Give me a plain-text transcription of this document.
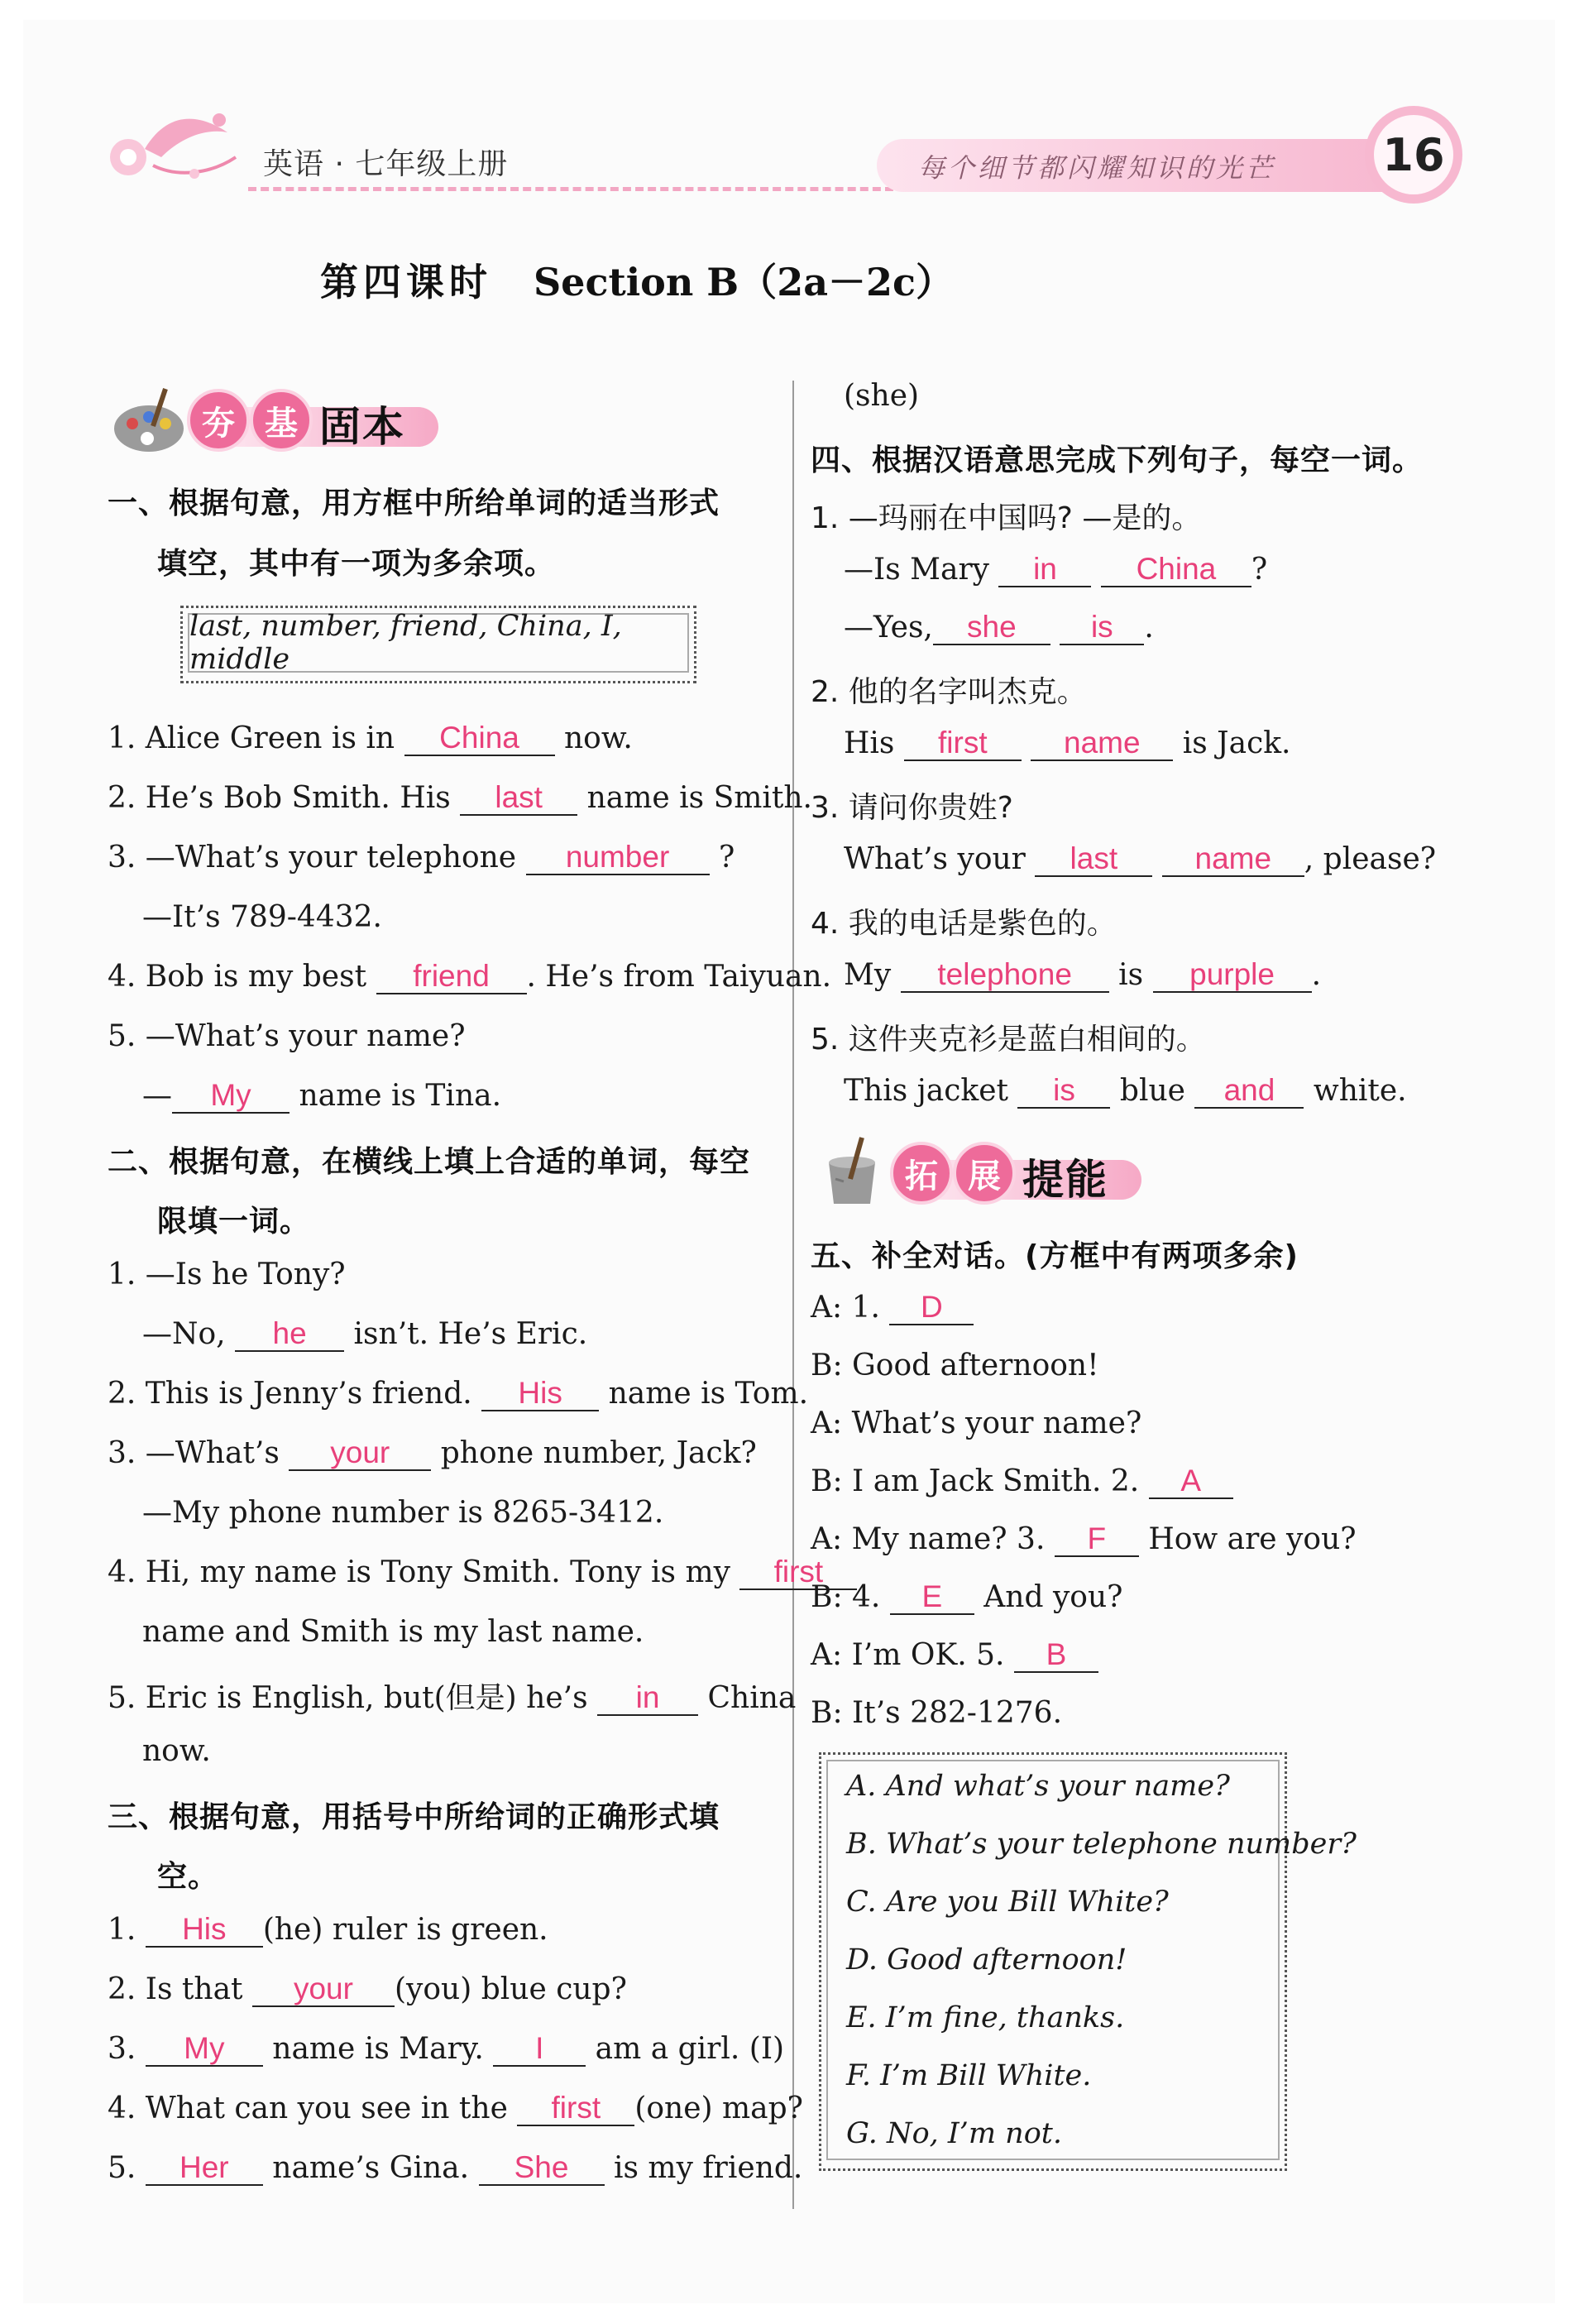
英语 · 七年级上册	每个细节都闪耀知识的光芒 16
第四课时 Section B（2a－2c）
夯 基 固本
一、根据句意，用方框中所给单词的适当形式
填空，其中有一项为多余项。
last, number, friend, China, I, middle
1. Alice Green is in China now.
2. He’s Bob Smith. His last name is Smith.
3. —What’s your telephone number ?
—It’s 789-4432.
4. Bob is my best friend . He’s from Taiyuan.
5. —What’s your name?
— My name is Tina.
二、根据句意，在横线上填上合适的单词，每空
限填一词。
1. —Is he Tony?
—No, he isn’t. He’s Eric.
2. This is Jenny’s friend. His name is Tom.
3. —What’s your phone number, Jack?
—My phone number is 8265-3412.
4. Hi, my name is Tony Smith. Tony is my first
name and Smith is my last name.
5. Eric is English, but(但是) he’s in China
now.
三、根据句意，用括号中所给词的正确形式填
空。
1. His (he) ruler is green.
2. Is that your (you) blue cup?
3. My name is Mary. I am a girl. (I)
4. What can you see in the first (one) map?
5. Her name’s Gina. She is my friend.
(she)
四、根据汉语意思完成下列句子，每空一词。
1. —玛丽在中国吗? —是的。
—Is Mary in	China ?
—Yes, she is .
2. 他的名字叫杰克。
His first name is Jack.
3. 请问你贵姓?
What’s your last	name , please?
4. 我的电话是紫色的。
My telephone is purple .
5. 这件夹克衫是蓝白相间的。
This jacket is blue and white.
拓 展 提能
五、补全对话。(方框中有两项多余)
A: 1. D
B: Good afternoon!
A: What’s your name?
B: I am Jack Smith. 2. A
A: My name? 3. F How are you?
B: 4. E And you?
A: I’m OK. 5. B
B: It’s 282-1276.
A. And what’s your name?
B. What’s your telephone number?
C. Are you Bill White?
D. Good afternoon!
E. I’m fine, thanks.
F. I’m Bill White.
G. No, I’m not.
